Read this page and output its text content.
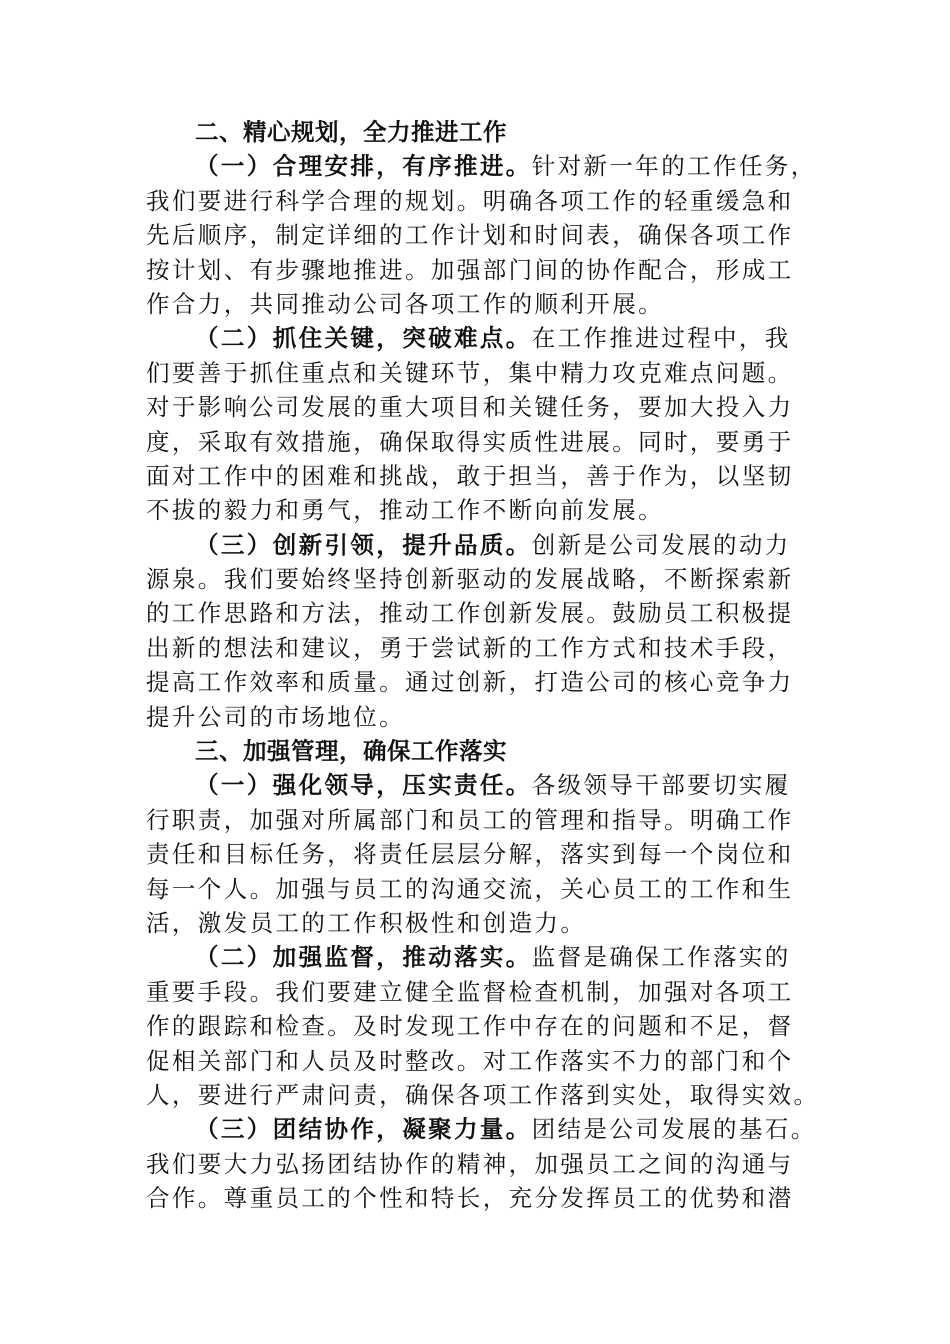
二、精心规划，全力推进工作
（一）合理安排，有序推进。针对新一年的工作任务，
我们要进行科学合理的规划。明确各项工作的轻重缓急和
先后顺序，制定详细的工作计划和时间表，确保各项工作
按计划、有步骤地推进。加强部门间的协作配合，形成工
作合力，共同推动公司各项工作的顺利开展。
（二）抓住关键，突破难点。在工作推进过程中，我
们要善于抓住重点和关键环节，集中精力攻克难点问题。
对于影响公司发展的重大项目和关键任务，要加大投入力
度，采取有效措施，确保取得实质性进展。同时，要勇于
面对工作中的困难和挑战，敢于担当，善于作为，以坚韧
不拔的毅力和勇气，推动工作不断向前发展。
（三）创新引领，提升品质。创新是公司发展的动力
源泉。我们要始终坚持创新驱动的发展战略，不断探索新
的工作思路和方法，推动工作创新发展。鼓励员工积极提
出新的想法和建议，勇于尝试新的工作方式和技术手段，
提高工作效率和质量。通过创新，打造公司的核心竞争力
提升公司的市场地位。
三、加强管理，确保工作落实
（一）强化领导，压实责任。各级领导干部要切实履
行职责，加强对所属部门和员工的管理和指导。明确工作
责任和目标任务，将责任层层分解，落实到每一个岗位和
每一个人。加强与员工的沟通交流，关心员工的工作和生
活，激发员工的工作积极性和创造力。
（二）加强监督，推动落实。监督是确保工作落实的
重要手段。我们要建立健全监督检查机制，加强对各项工
作的跟踪和检查。及时发现工作中存在的问题和不足，督
促相关部门和人员及时整改。对工作落实不力的部门和个
人，要进行严肃问责，确保各项工作落到实处，取得实效。
（三）团结协作，凝聚力量。团结是公司发展的基石。
我们要大力弘扬团结协作的精神，加强员工之间的沟通与
合作。尊重员工的个性和特长，充分发挥员工的优势和潜
